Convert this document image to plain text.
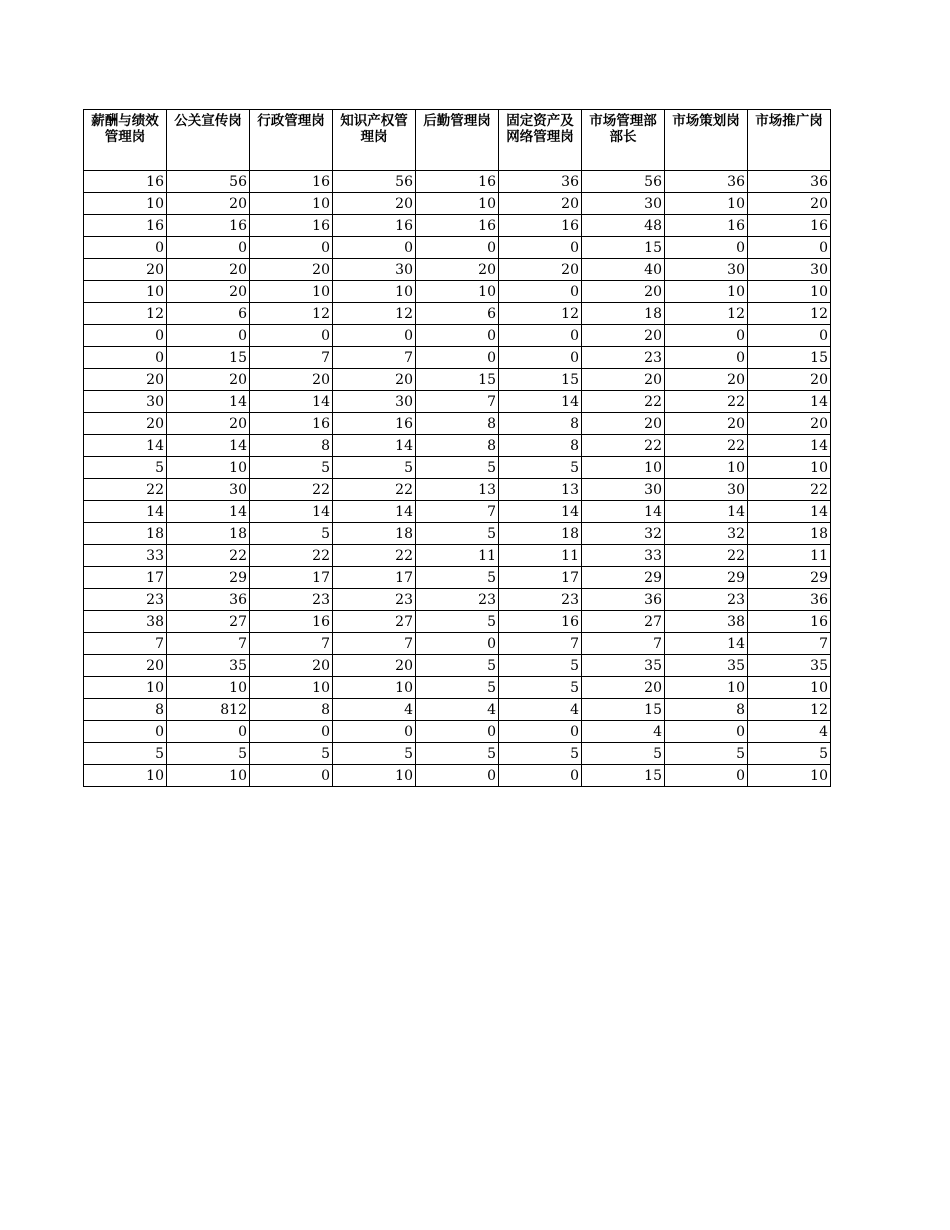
薪酬与绩效管理岗	公关宣传岗	行政管理岗	知识产权管理岗	后勤管理岗	固定资产及网络管理岗	市场管理部部长	市场策划岗	市场推广岗
16	56	16	56	16	36	56	36	36
10	20	10	20	10	20	30	10	20
16	16	16	16	16	16	48	16	16
0	0	0	0	0	0	15	0	0
20	20	20	30	20	20	40	30	30
10	20	10	10	10	0	20	10	10
12	6	12	12	6	12	18	12	12
0	0	0	0	0	0	20	0	0
0	15	7	7	0	0	23	0	15
20	20	20	20	15	15	20	20	20
30	14	14	30	7	14	22	22	14
20	20	16	16	8	8	20	20	20
14	14	8	14	8	8	22	22	14
5	10	5	5	5	5	10	10	10
22	30	22	22	13	13	30	30	22
14	14	14	14	7	14	14	14	14
18	18	5	18	5	18	32	32	18
33	22	22	22	11	11	33	22	11
17	29	17	17	5	17	29	29	29
23	36	23	23	23	23	36	23	36
38	27	16	27	5	16	27	38	16
7	7	7	7	0	7	7	14	7
20	35	20	20	5	5	35	35	35
10	10	10	10	5	5	20	10	10
8	812	8	4	4	4	15	8	12
0	0	0	0	0	0	4	0	4
5	5	5	5	5	5	5	5	5
10	10	0	10	0	0	15	0	10
